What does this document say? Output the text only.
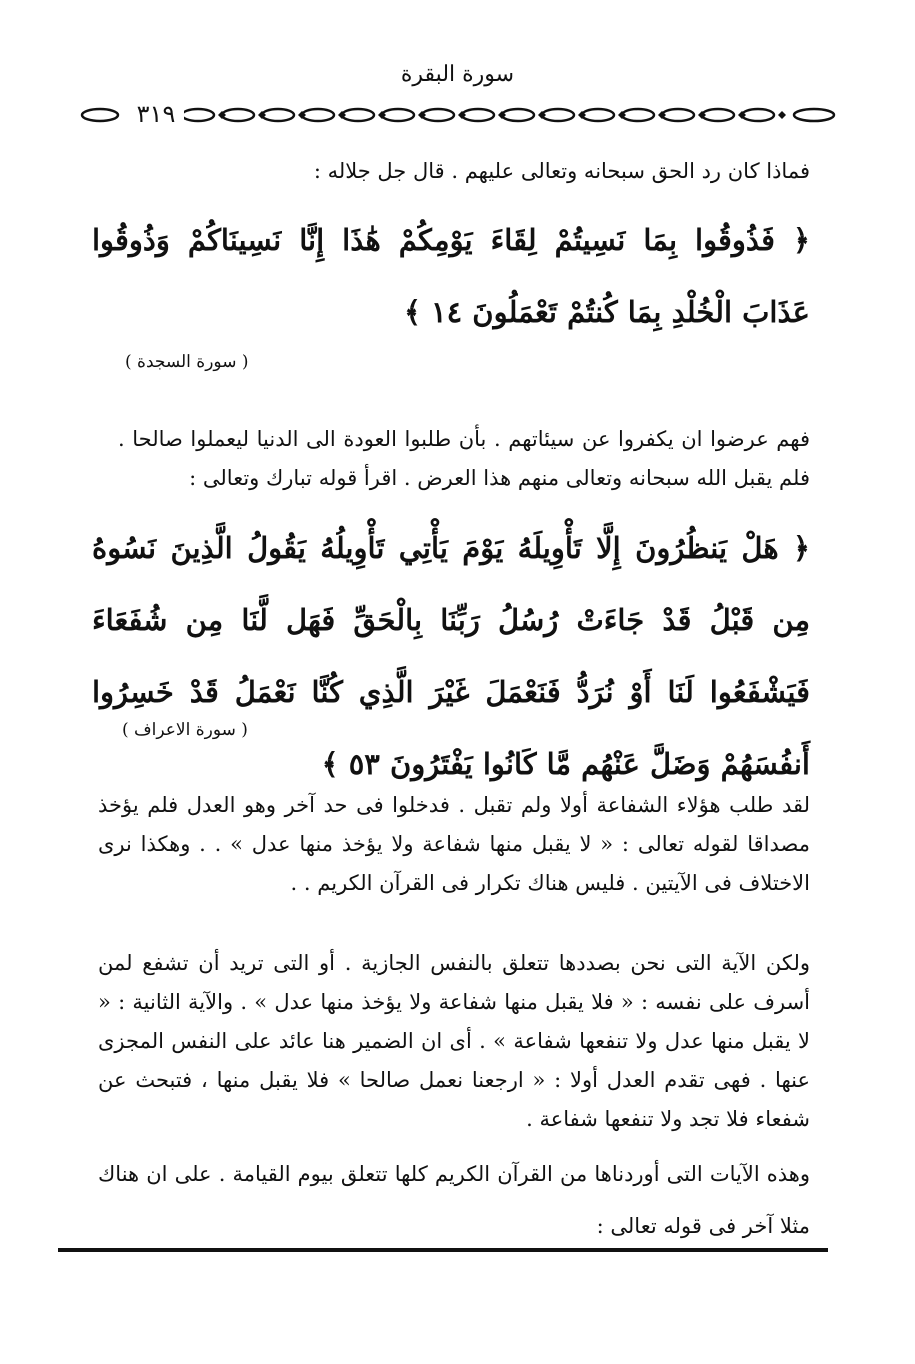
سورة البقرة
٣١٩
فماذا كان رد الحق سبحانه وتعالى عليهم . قال جل جلاله :
﴿ فَذُوقُوا بِمَا نَسِيتُمْ لِقَاءَ يَوْمِكُمْ هَٰذَا إِنَّا نَسِينَاكُمْ وَذُوقُوا عَذَابَ الْخُلْدِ بِمَا كُنتُمْ تَعْمَلُونَ ١٤ ﴾
( سورة السجدة )
فهم عرضوا ان يكفروا عن سيئاتهم . بأن طلبوا العودة الى الدنيا ليعملوا صالحا . فلم يقبل الله سبحانه وتعالى منهم هذا العرض . اقرأ قوله تبارك وتعالى :
﴿ هَلْ يَنظُرُونَ إِلَّا تَأْوِيلَهُ يَوْمَ يَأْتِي تَأْوِيلُهُ يَقُولُ الَّذِينَ نَسُوهُ مِن قَبْلُ قَدْ جَاءَتْ رُسُلُ رَبِّنَا بِالْحَقِّ فَهَل لَّنَا مِن شُفَعَاءَ فَيَشْفَعُوا لَنَا أَوْ نُرَدُّ فَنَعْمَلَ غَيْرَ الَّذِي كُنَّا نَعْمَلُ قَدْ خَسِرُوا أَنفُسَهُمْ وَضَلَّ عَنْهُم مَّا كَانُوا يَفْتَرُونَ ٥٣ ﴾
( سورة الاعراف )
لقد طلب هؤلاء الشفاعة أولا ولم تقبل . فدخلوا فى حد آخر وهو العدل فلم يؤخذ مصداقا لقوله تعالى : « لا يقبل منها شفاعة ولا يؤخذ منها عدل » . . وهكذا نرى الاختلاف فى الآيتين . فليس هناك تكرار فى القرآن الكريم . .
ولكن الآية التى نحن بصددها تتعلق بالنفس الجازية . أو التى تريد أن تشفع لمن أسرف على نفسه : « فلا يقبل منها شفاعة ولا يؤخذ منها عدل » . والآية الثانية : « لا يقبل منها عدل ولا تنفعها شفاعة » . أى ان الضمير هنا عائد على النفس المجزى عنها . فهى تقدم العدل أولا : « ارجعنا نعمل صالحا » فلا يقبل منها ، فتبحث عن شفعاء فلا تجد ولا تنفعها شفاعة .
وهذه الآيات التى أوردناها من القرآن الكريم كلها تتعلق بيوم القيامة . على ان هناك مثلا آخر فى قوله تعالى :
